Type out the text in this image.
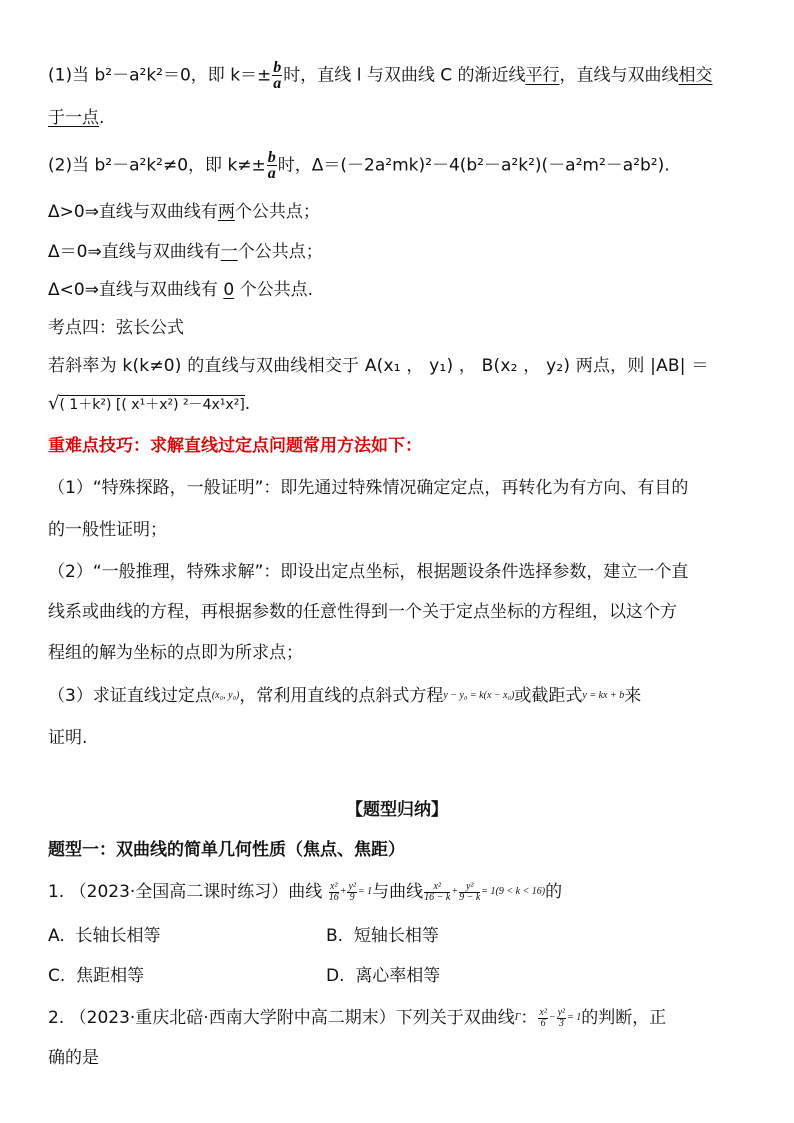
(1)当 b²－a²k²＝0，即 $k=\pm \frac{b}{a}$ 时，直线 l 与双曲线 C 的渐近线平行，直线与双曲线相交
于一点.
(2)当 b²－a²k²≠0，即 $k\ne\pm \frac{b}{a}$ 时，Δ＝(－2a²mk)²－4(b²－a²k²)(－a²m²－a²b²).
Δ>0⇒直线与双曲线有两个公共点；
Δ＝0⇒直线与双曲线有一个公共点；
Δ<0⇒直线与双曲线有 0 个公共点.
考点四：弦长公式
若斜率为 k(k≠0) 的直线与双曲线相交于 A(x₁ ， y₁) ， B(x₂ ， y₂) 两点，则 |AB| ＝
√( 1＋k²) [( x¹＋x²) ²－4x¹x²].
重难点技巧：求解直线过定点问题常用方法如下：
（1）“特殊探路，一般证明”：即先通过特殊情况确定定点，再转化为有方向、有目的
的一般性证明；
（2）“一般推理，特殊求解”：即设出定点坐标，根据题设条件选择参数，建立一个直
线系或曲线的方程，再根据参数的任意性得到一个关于定点坐标的方程组，以这个方
程组的解为坐标的点即为所求点；
（3）求证直线过定点(x₀, y₀)，常利用直线的点斜式方程y − y₀ = k(x − x₀)或截距式y = kx + b来
证明.
【题型归纳】
题型一：双曲线的简单几何性质（焦点、焦距）
1. （2023·全国高二课时练习）曲线 $\frac{\text{x²}}{16} + \frac{\text{y²}}{9} = 1$与曲线 $\frac{\text{x²}}{16 - k} + \frac{\text{y²}}{9 - k} = 1(9 < k < 16)$的
A. 长轴长相等	B. 短轴长相等
C. 焦距相等	D. 离心率相等
2. （2023·重庆北碚·西南大学附中高二期末）下列关于双曲线Γ： $\frac{\text{x²}}{6} - \frac{\text{y²}}{3} = 1$的判断，正
确的是
